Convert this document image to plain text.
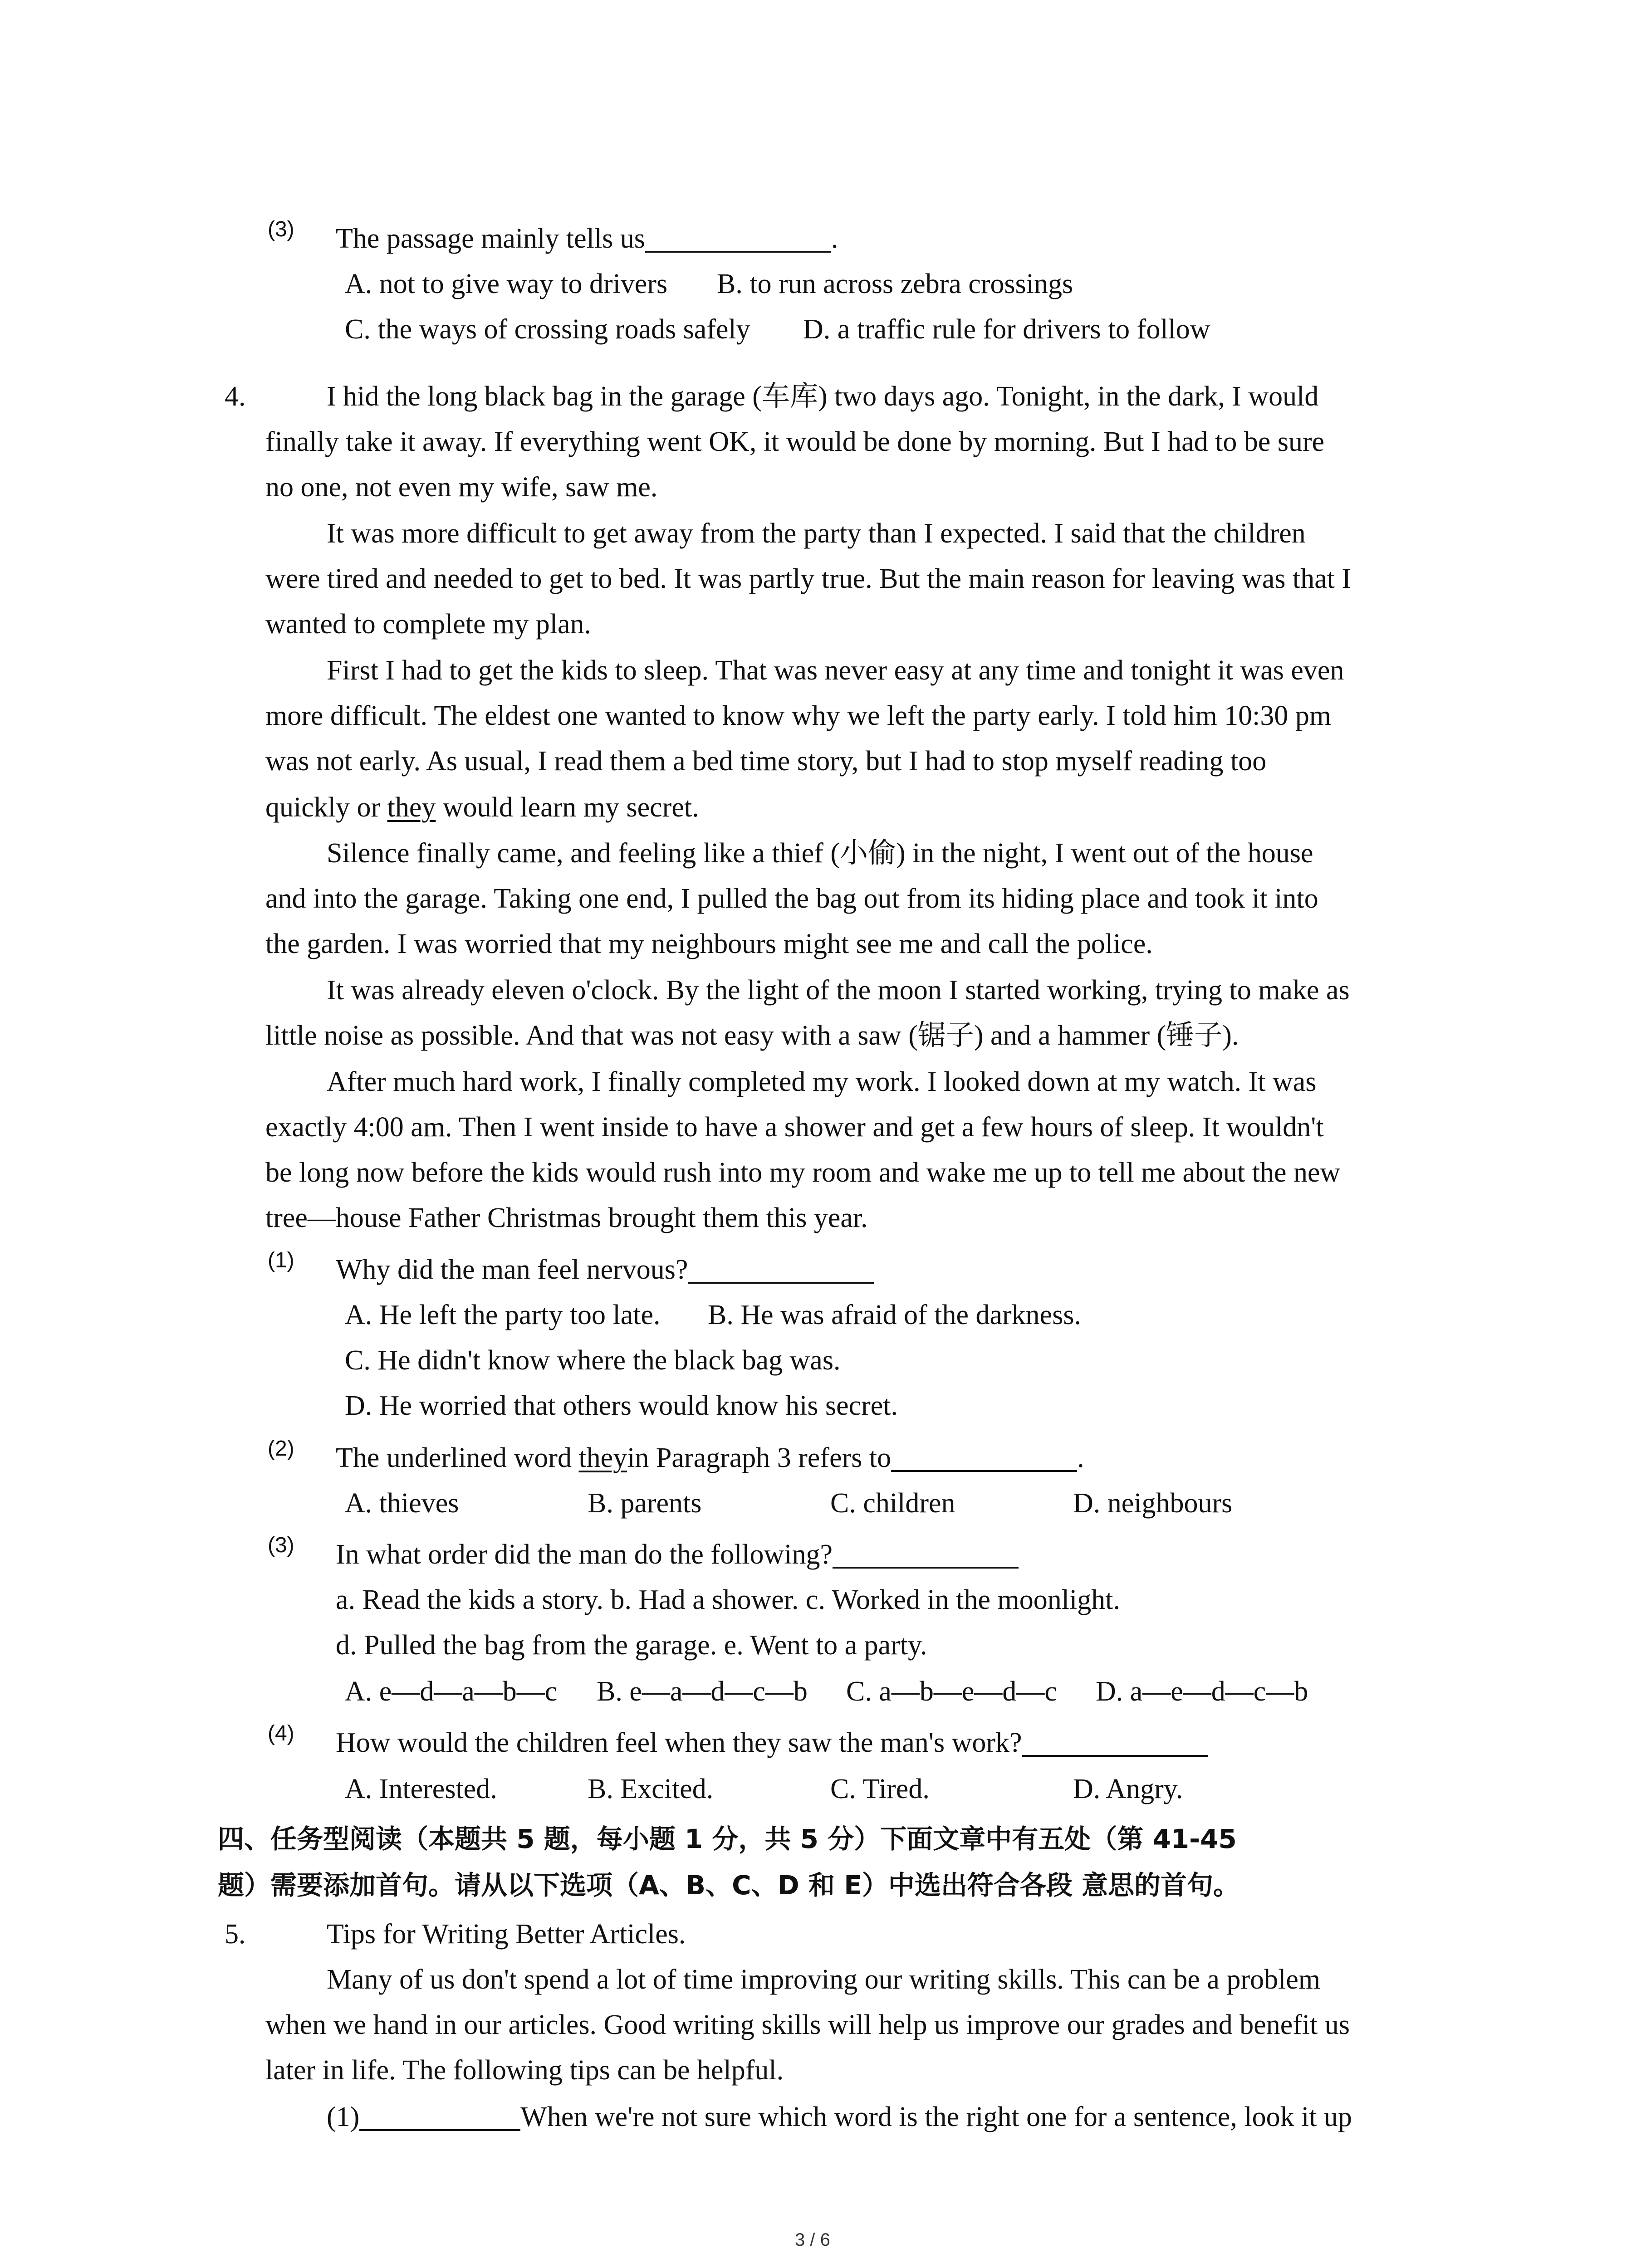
(3) The passage mainly tells us	.
A. not to give way to drivers B. to run across zebra crossings
C. the ways of crossing roads safely D. a traffic rule for drivers to follow
4.	I hid the long black bag in the garage (车库) two days ago. Tonight, in the dark, I would
finally take it away. If everything went OK, it would be done by morning. But I had to be sure
no one, not even my wife, saw me.
It was more difficult to get away from the party than I expected. I said that the children
were tired and needed to get to bed. It was partly true. But the main reason for leaving was that I
wanted to complete my plan.
First I had to get the kids to sleep. That was never easy at any time and tonight it was even
more difficult. The eldest one wanted to know why we left the party early. I told him 10:30 pm
was not early. As usual, I read them a bed time story, but I had to stop myself reading too
quickly or they would learn my secret.
Silence finally came, and feeling like a thief (小偷) in the night, I went out of the house
and into the garage. Taking one end, I pulled the bag out from its hiding place and took it into
the garden. I was worried that my neighbours might see me and call the police.
It was already eleven o'clock. By the light of the moon I started working, trying to make as
little noise as possible. And that was not easy with a saw (锯子) and a hammer (锤子).
After much hard work, I finally completed my work. I looked down at my watch. It was
exactly 4:00 am. Then I went inside to have a shower and get a few hours of sleep. It wouldn't
be long now before the kids would rush into my room and wake me up to tell me about the new
tree—house Father Christmas brought them this year.
(1) Why did the man feel nervous?
A. He left the party too late. B. He was afraid of the darkness.
C. He didn't know where the black bag was.
D. He worried that others would know his secret.
(2) The underlined word theyin Paragraph 3 refers to	.
A. thieves	B. parents	C. children	D. neighbours
(3) In what order did the man do the following?
a. Read the kids a story. b. Had a shower. c. Worked in the moonlight.
d. Pulled the bag from the garage. e. Went to a party.
A. e—d—a—b—c B. e—a—d—c—b C. a—b—e—d—c D. a—e—d—c—b
(4) How would the children feel when they saw the man's work?
A. Interested.	B. Excited.	C. Tired.	D. Angry.
四、任务型阅读（本题共 5 题，每小题 1 分，共 5 分）下面文章中有五处（第 41-45
题）需要添加首句。请从以下选项（A、B、C、D 和 E）中选出符合各段 意思的首句。
5.	Tips for Writing Better Articles.
Many of us don't spend a lot of time improving our writing skills. This can be a problem
when we hand in our articles. Good writing skills will help us improve our grades and benefit us
later in life. The following tips can be helpful.
(1)	When we're not sure which word is the right one for a sentence, look it up
3 / 6
